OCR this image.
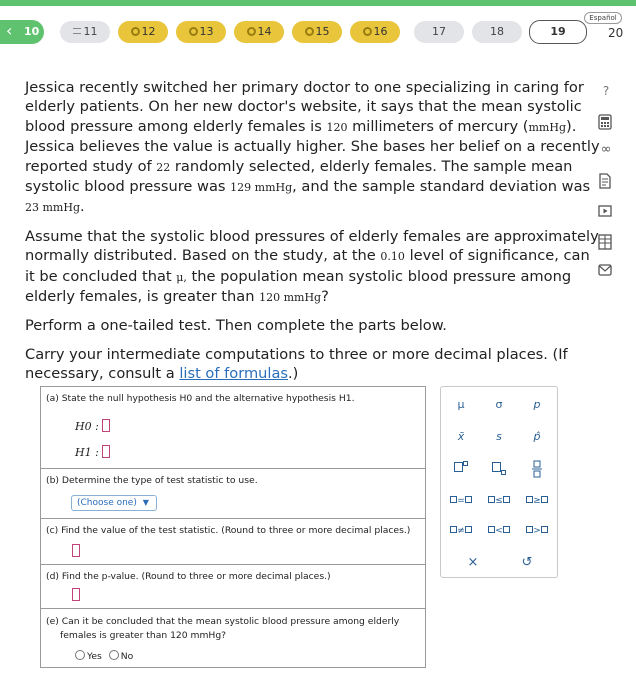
‹ 10	11	12	13	14	15	16	17	18	19
Español
20

Jessica recently switched her primary doctor to one specializing in caring for elderly patients. On her new doctor's website, it says that the mean systolic blood pressure among elderly females is 120 millimeters of mercury (mmHg). Jessica believes the value is actually higher. She bases her belief on a recently reported study of 22 randomly selected, elderly females. The sample mean systolic blood pressure was 129 mmHg, and the sample standard deviation was 23 mmHg.

Assume that the systolic blood pressures of elderly females are approximately normally distributed. Based on the study, at the 0.10 level of significance, can it be concluded that μ, the population mean systolic blood pressure among elderly females, is greater than 120 mmHg?

Perform a one-tailed test. Then complete the parts below.

Carry your intermediate computations to three or more decimal places. (If necessary, consult a list of formulas.)

?
∞
(a) State the null hypothesis H0 and the alternative hypothesis H1.
H0 :
H1 :
(b) Determine the type of test statistic to use.
(Choose one) ▼
(c) Find the value of the test statistic. (Round to three or more decimal places.)
(d) Find the p-value. (Round to three or more decimal places.)
(e) Can it be concluded that the mean systolic blood pressure among elderly
females is greater than 120 mmHg?
Yes No
μ	σ	p
x̄	s	p̂
=	≤	≥
≠	<	>
×	↺
